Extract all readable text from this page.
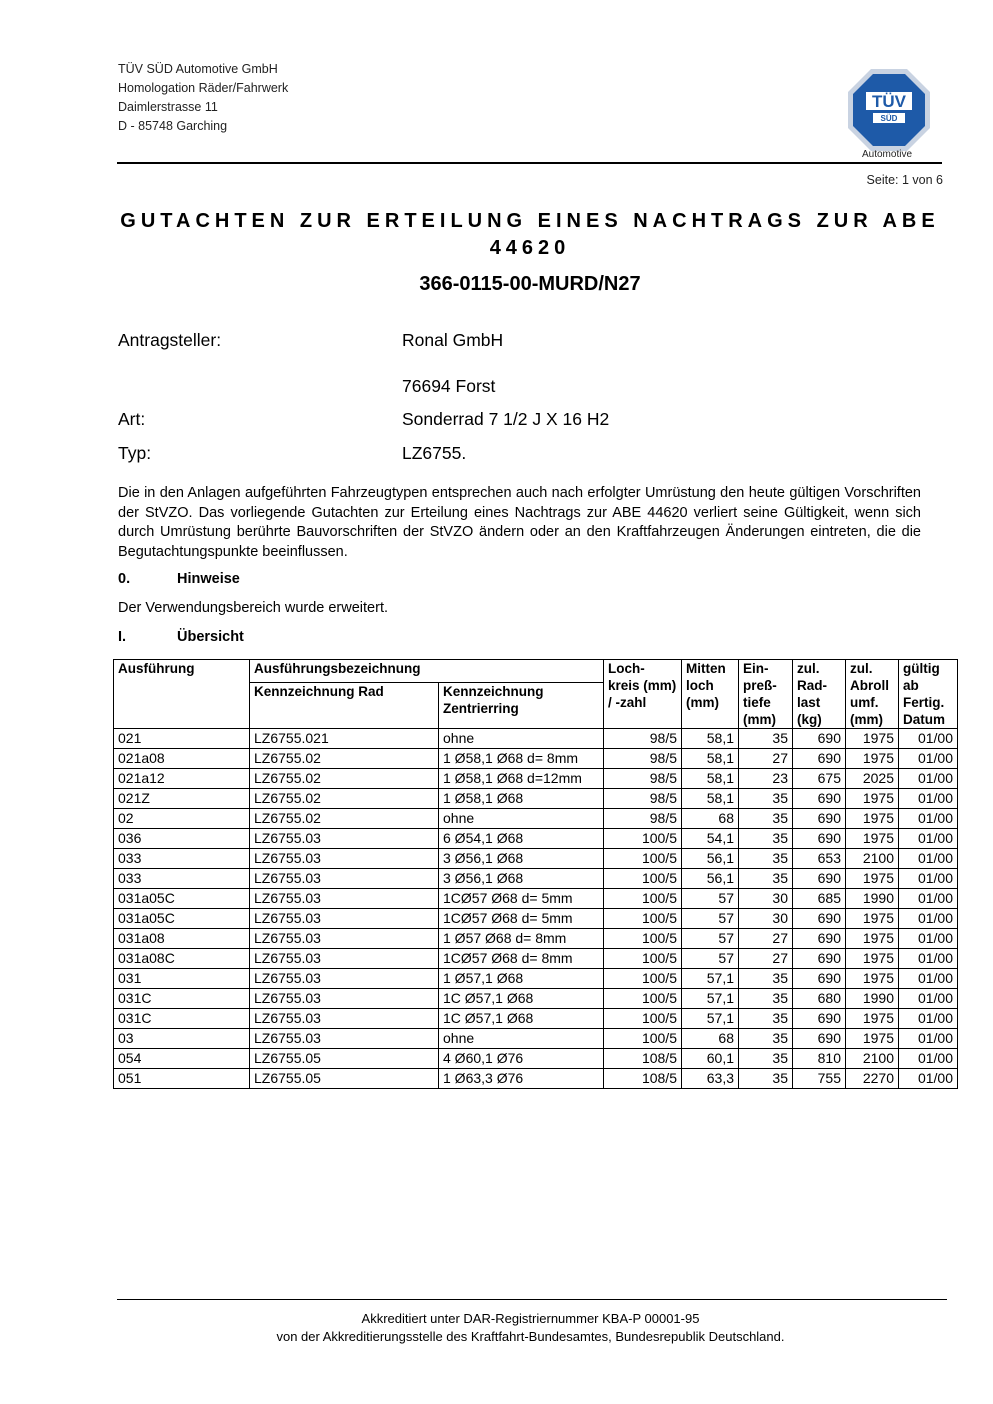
TÜV SÜD Automotive GmbH
Homologation Räder/Fahrwerk
Daimlerstrasse 11
D - 85748 Garching
TÜV
SÜD
Automotive
Seite: 1 von 6
GUTACHTEN ZUR ERTEILUNG EINES NACHTRAGS ZUR ABE 44620
366-0115-00-MURD/N27
Antragsteller:	Ronal GmbH
76694 Forst
Art:	Sonderrad 7 1/2 J X 16 H2
Typ:	LZ6755.
Die in den Anlagen aufgeführten Fahrzeugtypen entsprechen auch nach erfolgter Umrüstung den heute gültigen Vorschriften der StVZO. Das vorliegende Gutachten zur Erteilung eines Nachtrags zur ABE 44620 verliert seine Gültigkeit, wenn sich durch Umrüstung berührte Bauvorschriften der StVZO ändern oder an den Kraftfahrzeugen Änderungen eintreten, die die Begutachtungspunkte beeinflussen.
0.	Hinweise
Der Verwendungsbereich wurde erweitert.
I.	Übersicht
Ausführung	Ausführungsbezeichnung		Loch- kreis (mm) / -zahl	Mitten loch (mm)	Ein- preß- tiefe (mm)	zul. Rad- last (kg)	zul. Abroll umf. (mm)	gültig ab Fertig. Datum
	Kennzeichnung Rad	Kennzeichnung Zentrierring						
021	LZ6755.021	ohne	98/5	58,1	35	690	1975	01/00
021a08	LZ6755.02	1 Ø58,1 Ø68 d= 8mm	98/5	58,1	27	690	1975	01/00
021a12	LZ6755.02	1 Ø58,1 Ø68 d=12mm	98/5	58,1	23	675	2025	01/00
021Z	LZ6755.02	1 Ø58,1 Ø68	98/5	58,1	35	690	1975	01/00
02	LZ6755.02	ohne	98/5	68	35	690	1975	01/00
036	LZ6755.03	6 Ø54,1 Ø68	100/5	54,1	35	690	1975	01/00
033	LZ6755.03	3 Ø56,1 Ø68	100/5	56,1	35	653	2100	01/00
033	LZ6755.03	3 Ø56,1 Ø68	100/5	56,1	35	690	1975	01/00
031a05C	LZ6755.03	1CØ57 Ø68 d= 5mm	100/5	57	30	685	1990	01/00
031a05C	LZ6755.03	1CØ57 Ø68 d= 5mm	100/5	57	30	690	1975	01/00
031a08	LZ6755.03	1 Ø57 Ø68 d= 8mm	100/5	57	27	690	1975	01/00
031a08C	LZ6755.03	1CØ57 Ø68 d= 8mm	100/5	57	27	690	1975	01/00
031	LZ6755.03	1 Ø57,1 Ø68	100/5	57,1	35	690	1975	01/00
031C	LZ6755.03	1C Ø57,1 Ø68	100/5	57,1	35	680	1990	01/00
031C	LZ6755.03	1C Ø57,1 Ø68	100/5	57,1	35	690	1975	01/00
03	LZ6755.03	ohne	100/5	68	35	690	1975	01/00
054	LZ6755.05	4 Ø60,1 Ø76	108/5	60,1	35	810	2100	01/00
051	LZ6755.05	1 Ø63,3 Ø76	108/5	63,3	35	755	2270	01/00
Akkreditiert unter DAR-Registriernummer KBA-P 00001-95
von der Akkreditierungsstelle des Kraftfahrt-Bundesamtes, Bundesrepublik Deutschland.
